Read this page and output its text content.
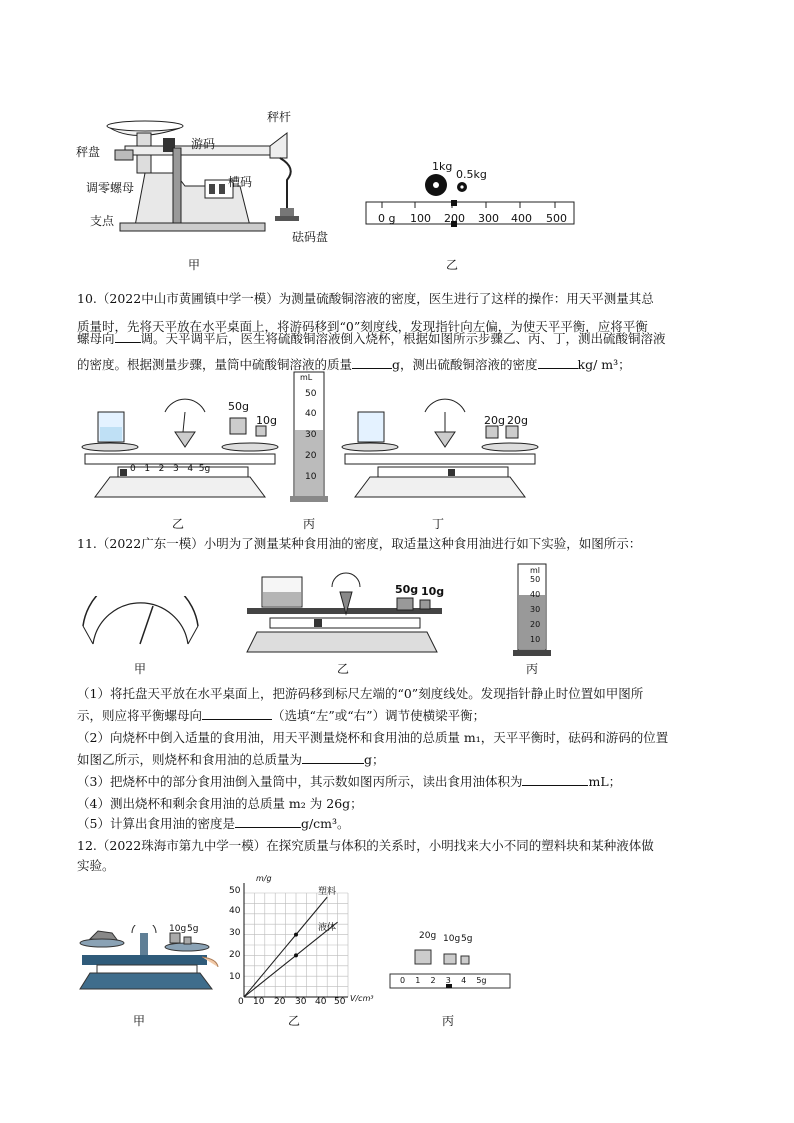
秤盘
调零螺母
支点
游码
秤杆
槽码
砝码盘
1kg
0.5kg
0 g 100 200 300 400 500
甲	乙
10.（2022中山市黄圃镇中学一模）为测量硫酸铜溶液的密度，医生进行了这样的操作：用天平测量其总
质量时，先将天平放在水平桌面上，将游码移到“0”刻度线，发现指针向左偏，为使天平平衡，应将平衡
螺母向 调。天平调平后，医生将硫酸铜溶液倒入烧杯，根据如图所示步骤乙、丙、丁，测出硫酸铜溶液
的密度。根据测量步骤，量筒中硫酸铜溶液的质量	g，测出硫酸铜溶液的密度	kg/ m³；
50g
10g
0 1 2 3 4 5g
mL
50
40
30
20
10
20g 20g
乙	丙	丁
11.（2022广东一模）小明为了测量某种食用油的密度，取适量这种食用油进行如下实验，如图所示：
50g 10g
ml
50
40
30
20
10
甲	乙	丙
（1）将托盘天平放在水平桌面上，把游码移到标尺左端的“0”刻度线处。发现指针静止时位置如甲图所
示，则应将平衡螺母向	（选填“左”或“右”）调节使横梁平衡；
（2）向烧杯中倒入适量的食用油，用天平测量烧杯和食用油的总质量 m₁，天平平衡时，砝码和游码的位置
如图乙所示，则烧杯和食用油的总质量为	g；
（3）把烧杯中的部分食用油倒入量筒中，其示数如图丙所示，读出食用油体积为	mL；
（4）测出烧杯和剩余食用油的总质量 m₂ 为 26g；
（5）计算出食用油的密度是	g/cm³。
12.（2022珠海市第九中学一模）在探究质量与体积的关系时，小明找来大小不同的塑料块和某种液体做
实验。
10g 5g
m/g
V/cm³
50
40
30
20
10
0 10 20 30 40 50
塑料
液体
20g 10g 5g
0 1 2 3 4 5g
甲	乙	丙
